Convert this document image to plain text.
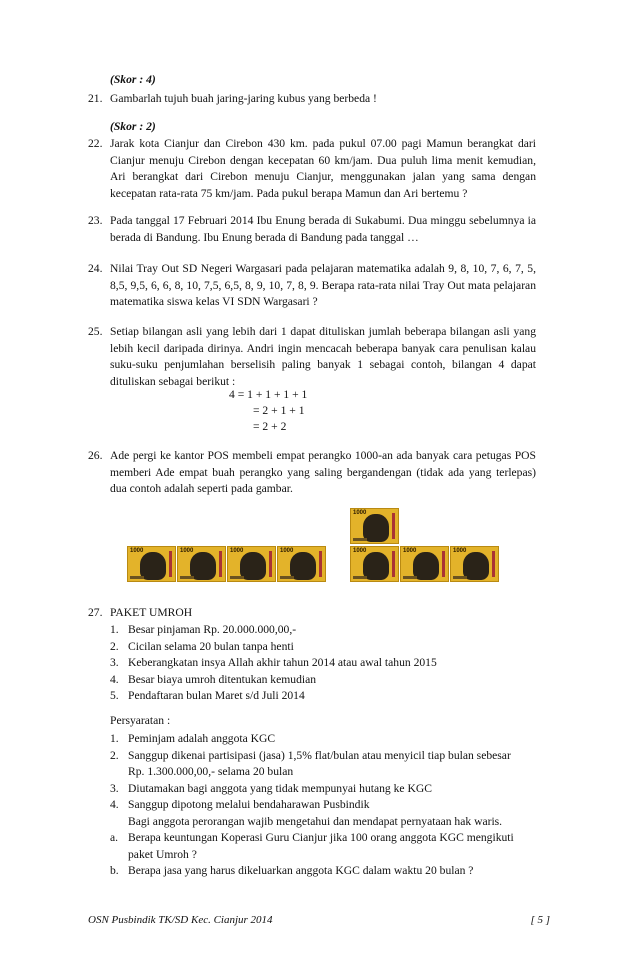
(Skor : 4)
21. Gambarlah tujuh buah jaring-jaring kubus yang berbeda !
(Skor : 2)
22. Jarak kota Cianjur dan Cirebon 430 km. pada pukul 07.00 pagi Mamun berangkat dari Cianjur menuju Cirebon dengan kecepatan 60 km/jam. Dua puluh lima menit kemudian, Ari berangkat dari Cirebon menuju Cianjur, menggunakan jalan yang sama dengan kecepatan rata-rata 75 km/jam. Pada pukul berapa Mamun dan Ari bertemu ?
23. Pada tanggal 17 Februari 2014 Ibu Enung berada di Sukabumi. Dua minggu sebelumnya ia berada di Bandung. Ibu Enung berada di Bandung pada tanggal …
24. Nilai Tray Out SD Negeri Wargasari pada pelajaran matematika adalah 9, 8, 10, 7, 6, 7, 5, 8,5, 9,5, 6, 6, 8, 10, 7,5, 6,5, 8, 9, 10, 7, 8, 9. Berapa rata-rata nilai Tray Out mata pelajaran matematika siswa kelas VI SDN Wargasari ?
25. Setiap bilangan asli yang lebih dari 1 dapat dituliskan jumlah beberapa bilangan asli yang lebih kecil daripada dirinya. Andri ingin mencacah beberapa banyak cara penulisan kalau suku-suku penjumlahan berselisih paling banyak 1 sebagai contoh, bilangan 4 dapat dituliskan sebagai berikut :
4 = 1 + 1 + 1 + 1
= 2 + 1 + 1
= 2 + 2
26. Ade pergi ke kantor POS membeli empat perangko 1000-an ada banyak cara petugas POS memberi Ade empat buah perangko yang saling bergandengan (tidak ada yang terlepas) dua contoh adalah seperti pada gambar.
1000	1000	1000	1000
1000
1000	1000	1000
27. PAKET UMROH
1. Besar pinjaman Rp. 20.000.000,00,-
2. Cicilan selama 20 bulan tanpa henti
3. Keberangkatan insya Allah akhir tahun 2014 atau awal tahun 2015
4. Besar biaya umroh ditentukan kemudian
5. Pendaftaran bulan Maret s/d Juli 2014
Persyaratan :
1. Peminjam adalah anggota KGC
2. Sanggup dikenai partisipasi (jasa) 1,5% flat/bulan atau menyicil tiap bulan sebesar
Rp. 1.300.000,00,- selama 20 bulan
3. Diutamakan bagi anggota yang tidak mempunyai hutang ke KGC
4. Sanggup dipotong melalui bendaharawan Pusbindik
Bagi anggota perorangan wajib mengetahui dan mendapat pernyataan hak waris.
a. Berapa keuntungan Koperasi Guru Cianjur jika 100 orang anggota KGC mengikuti
paket Umroh ?
b. Berapa jasa yang harus dikeluarkan anggota KGC dalam waktu 20 bulan ?
OSN Pusbindik TK/SD Kec. Cianjur 2014	[ 5 ]
